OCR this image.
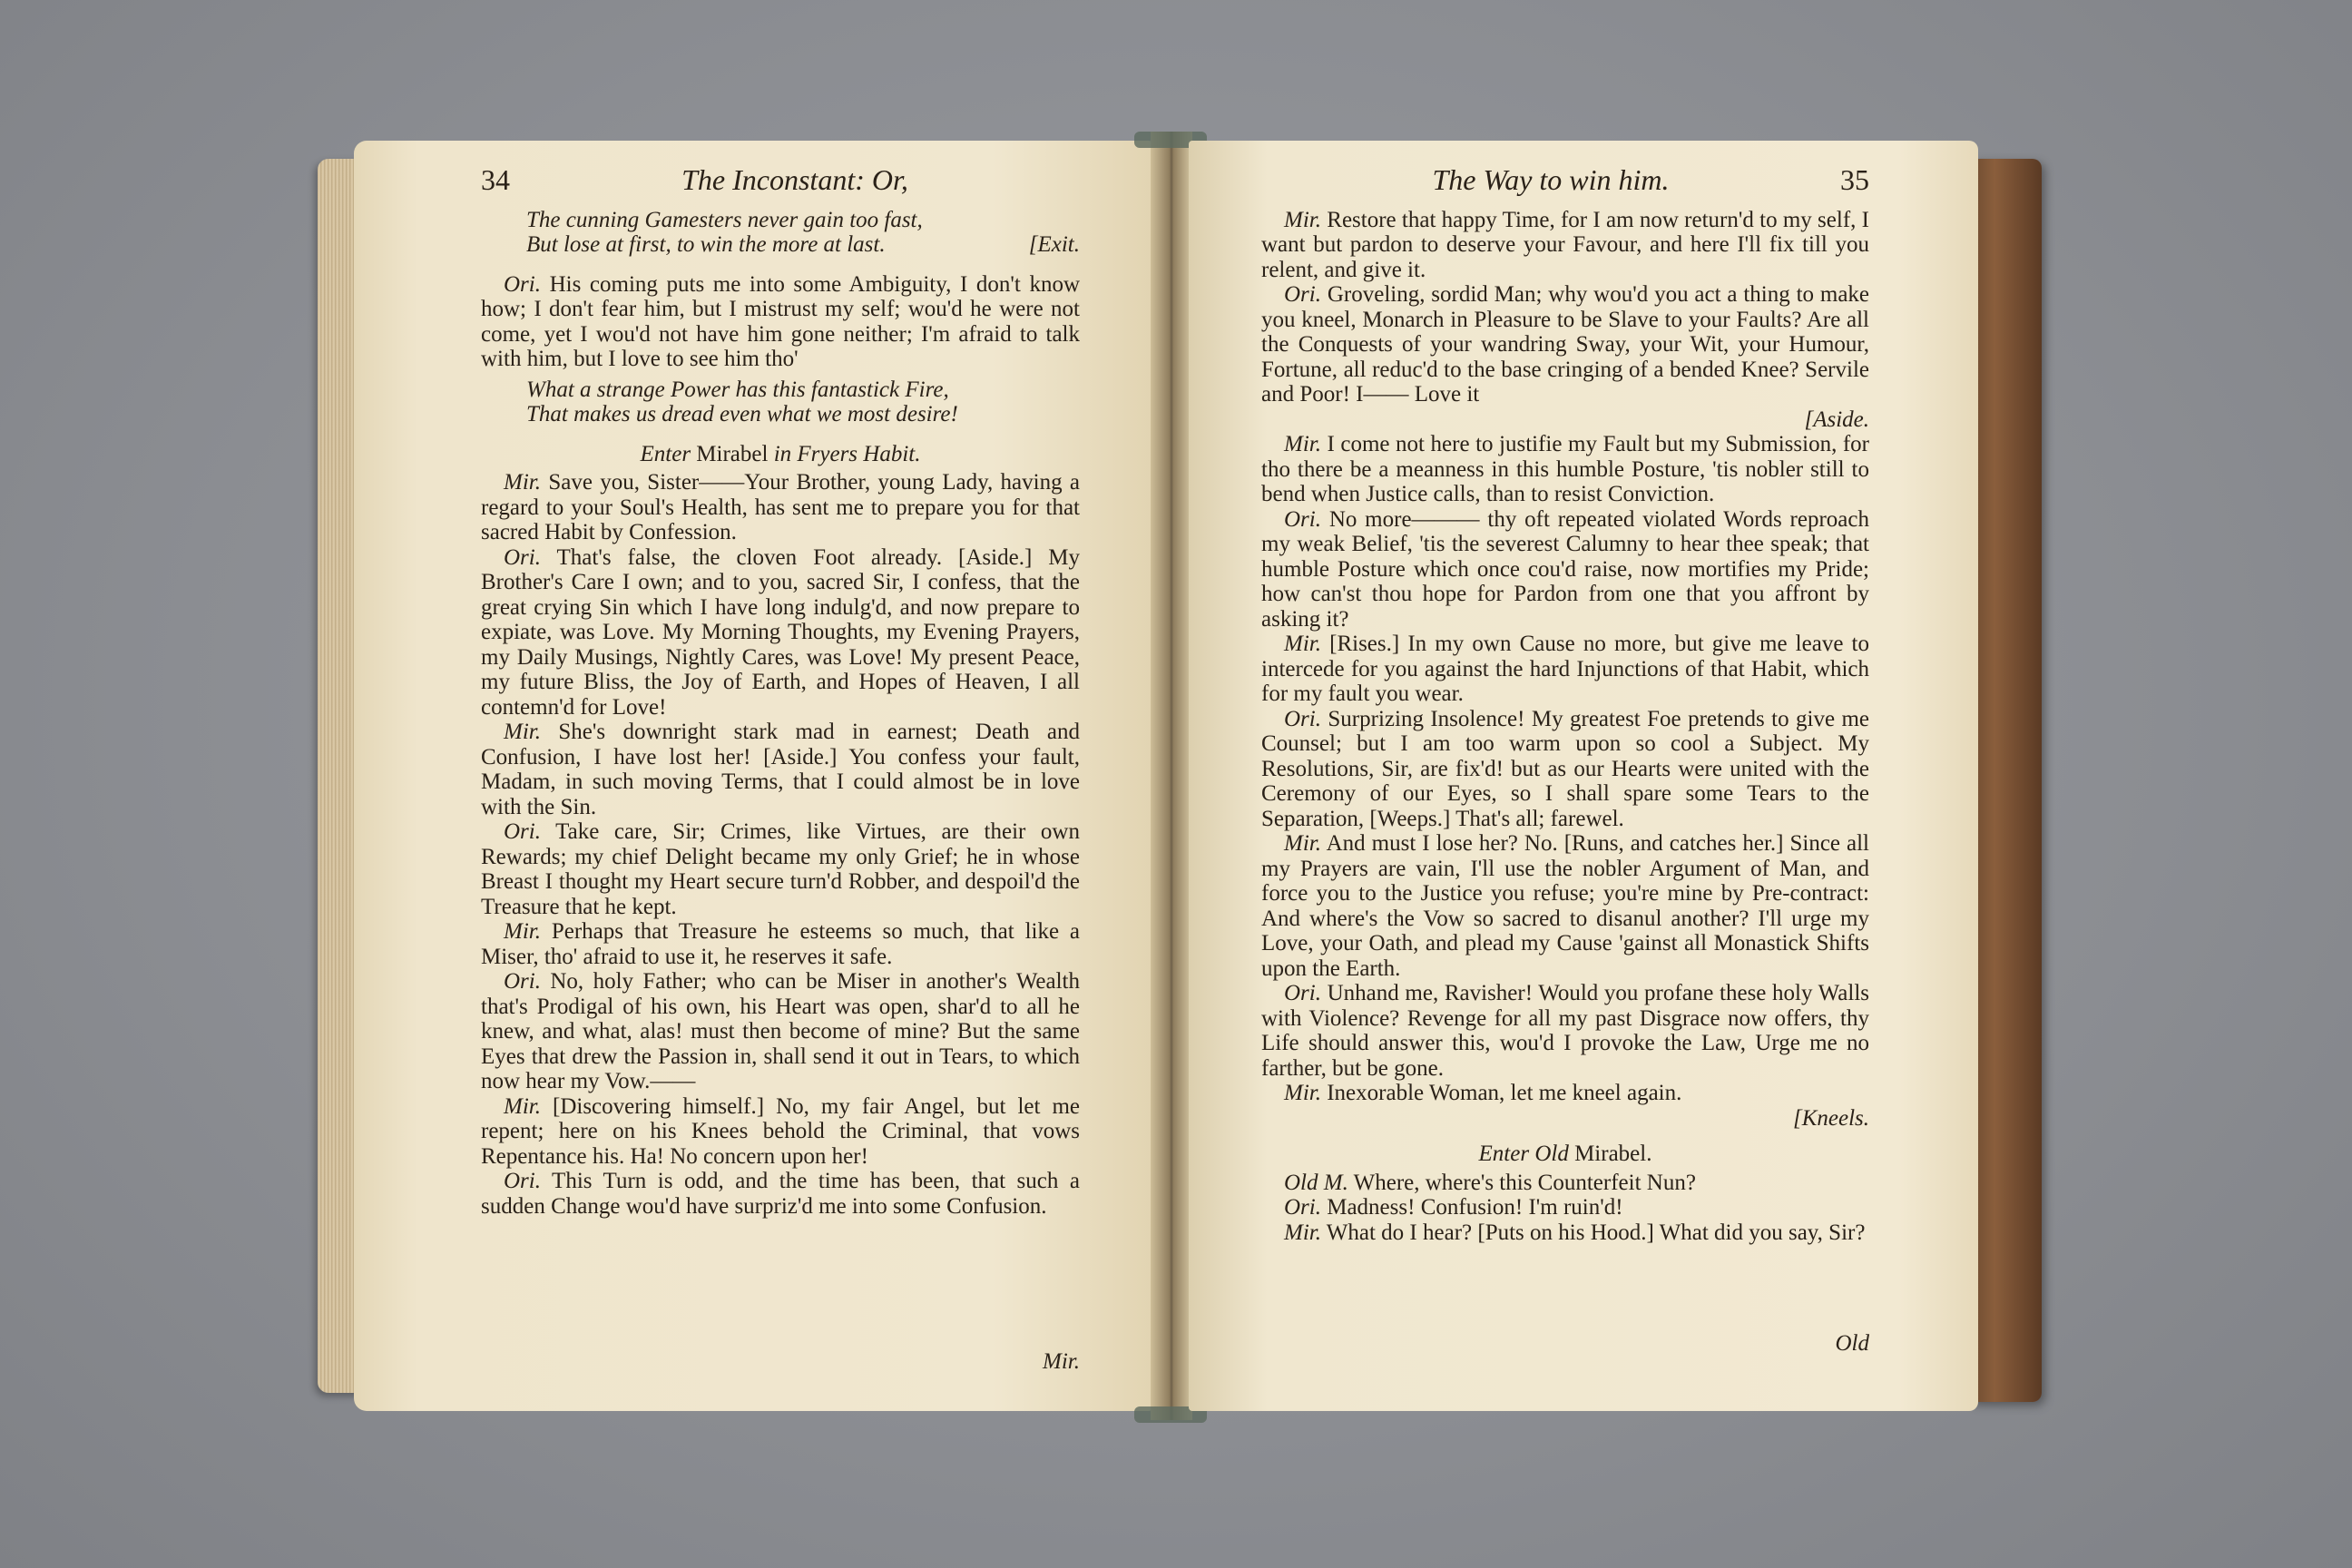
34	The Inconstant: Or,
The cunning Gamesters never gain too fast,
But lose at first, to win the more at last.	[Exit.

Ori. His coming puts me into some Ambiguity, I don't know how; I don't fear him, but I mistrust my self; wou'd he were not come, yet I wou'd not have him gone neither; I'm afraid to talk with him, but I love to see him tho'

What a strange Power has this fantastick Fire,
That makes us dread even what we most desire!
Enter Mirabel in Fryers Habit.

Mir. Save you, Sister——Your Brother, young Lady, having a regard to your Soul's Health, has sent me to prepare you for that sacred Habit by Confession.

Ori. That's false, the cloven Foot already. [Aside.] My Brother's Care I own; and to you, sacred Sir, I confess, that the great crying Sin which I have long indulg'd, and now prepare to expiate, was Love. My Morning Thoughts, my Evening Prayers, my Daily Musings, Nightly Cares, was Love! My present Peace, my future Bliss, the Joy of Earth, and Hopes of Heaven, I all contemn'd for Love!

Mir. She's downright stark mad in earnest; Death and Confusion, I have lost her! [Aside.] You confess your fault, Madam, in such moving Terms, that I could almost be in love with the Sin.

Ori. Take care, Sir; Crimes, like Virtues, are their own Rewards; my chief Delight became my only Grief; he in whose Breast I thought my Heart secure turn'd Robber, and despoil'd the Treasure that he kept.

Mir. Perhaps that Treasure he esteems so much, that like a Miser, tho' afraid to use it, he reserves it safe.

Ori. No, holy Father; who can be Miser in another's Wealth that's Prodigal of his own, his Heart was open, shar'd to all he knew, and what, alas! must then become of mine? But the same Eyes that drew the Passion in, shall send it out in Tears, to which now hear my Vow.——

Mir. [Discovering himself.] No, my fair Angel, but let me repent; here on his Knees behold the Criminal, that vows Repentance his. Ha! No concern upon her!

Ori. This Turn is odd, and the time has been, that such a sudden Change wou'd have surpriz'd me into some Confusion.

Mir.
The Way to win him.	35

Mir. Restore that happy Time, for I am now return'd to my self, I want but pardon to deserve your Favour, and here I'll fix till you relent, and give it.

Ori. Groveling, sordid Man; why wou'd you act a thing to make you kneel, Monarch in Pleasure to be Slave to your Faults? Are all the Conquests of your wandring Sway, your Wit, your Humour, Fortune, all reduc'd to the base cringing of a bended Knee? Servile and Poor! I—— Love it

[Aside.

Mir. I come not here to justifie my Fault but my Submission, for tho there be a meanness in this humble Posture, 'tis nobler still to bend when Justice calls, than to resist Conviction.

Ori. No more——— thy oft repeated violated Words reproach my weak Belief, 'tis the severest Calumny to hear thee speak; that humble Posture which once cou'd raise, now mortifies my Pride; how can'st thou hope for Pardon from one that you affront by asking it?

Mir. [Rises.] In my own Cause no more, but give me leave to intercede for you against the hard Injunctions of that Habit, which for my fault you wear.

Ori. Surprizing Insolence! My greatest Foe pretends to give me Counsel; but I am too warm upon so cool a Subject. My Resolutions, Sir, are fix'd! but as our Hearts were united with the Ceremony of our Eyes, so I shall spare some Tears to the Separation, [Weeps.] That's all; farewel.

Mir. And must I lose her? No. [Runs, and catches her.] Since all my Prayers are vain, I'll use the nobler Argument of Man, and force you to the Justice you refuse; you're mine by Pre-contract: And where's the Vow so sacred to disanul another? I'll urge my Love, your Oath, and plead my Cause 'gainst all Monastick Shifts upon the Earth.

Ori. Unhand me, Ravisher! Would you profane these holy Walls with Violence? Revenge for all my past Disgrace now offers, thy Life should answer this, wou'd I provoke the Law, Urge me no farther, but be gone.

Mir. Inexorable Woman, let me kneel again.

[Kneels.

Enter Old Mirabel.

Old M. Where, where's this Counterfeit Nun?

Ori. Madness! Confusion! I'm ruin'd!

Mir. What do I hear? [Puts on his Hood.] What did you say, Sir?

Old
